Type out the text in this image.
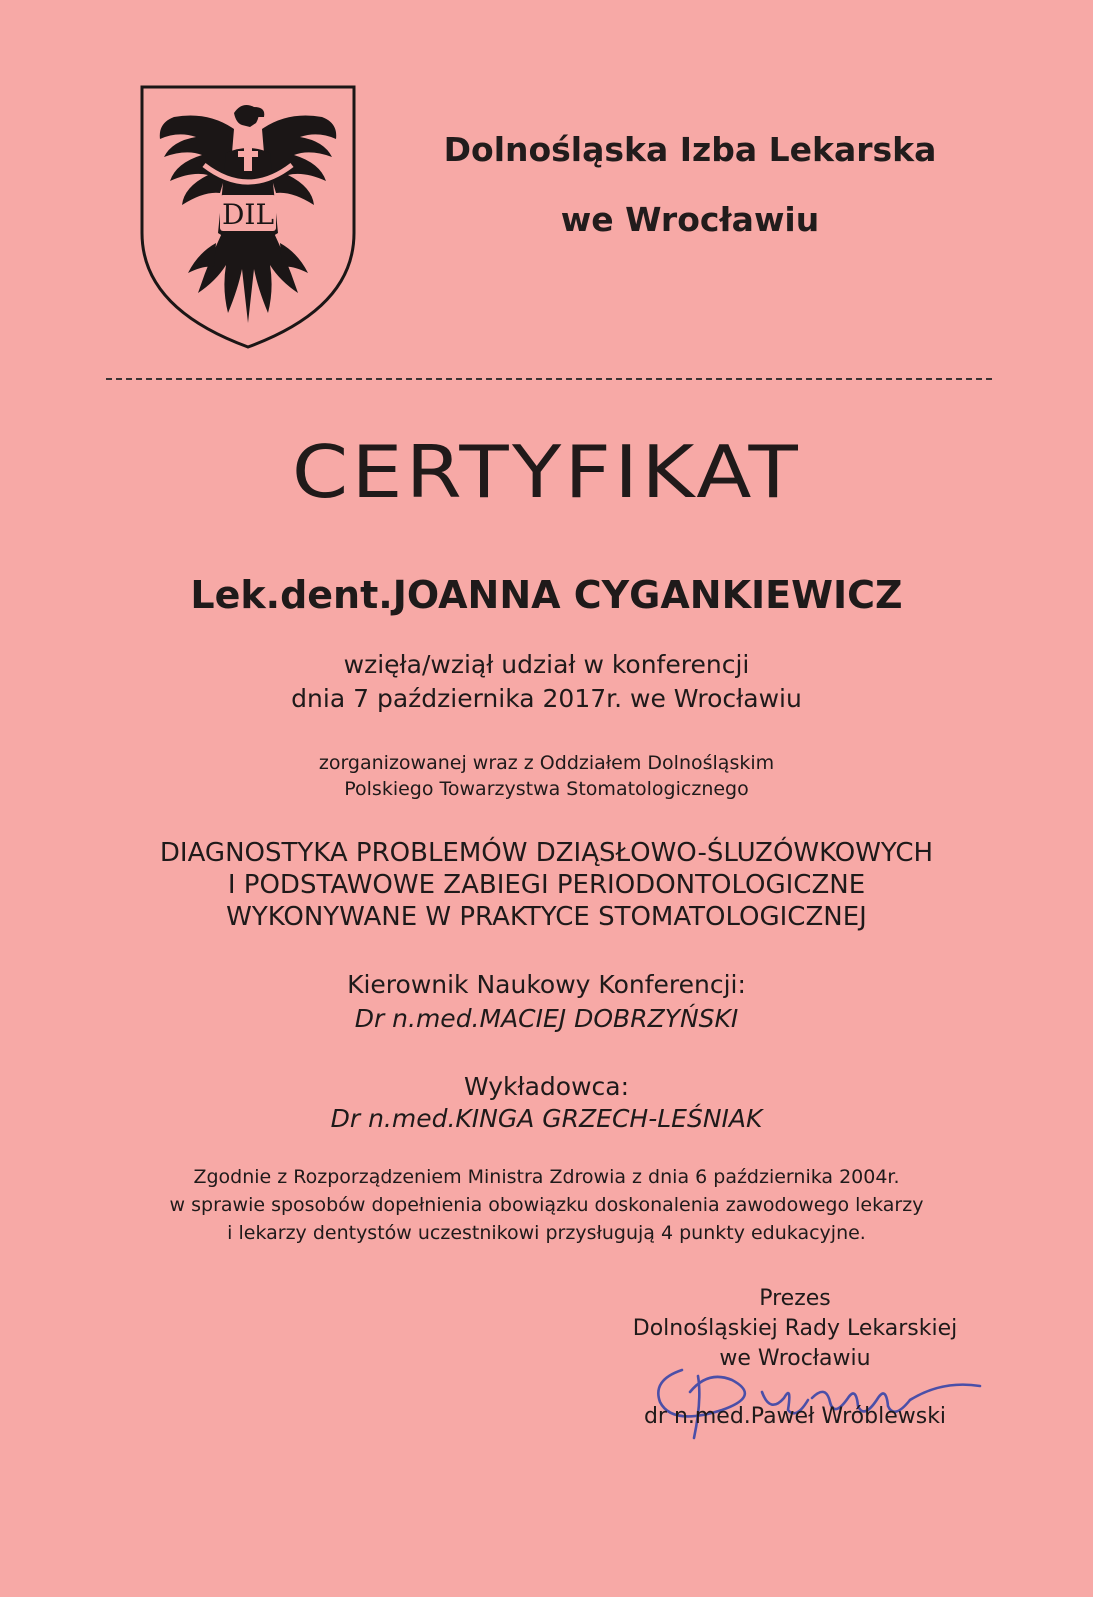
DIL
Dolnośląska Izba Lekarska
we Wrocławiu
CERTYFIKAT
Lek.dent.JOANNA CYGANKIEWICZ
wzięła/wziął udział w konferencji
dnia 7 października 2017r. we Wrocławiu
zorganizowanej wraz z Oddziałem Dolnośląskim
Polskiego Towarzystwa Stomatologicznego
DIAGNOSTYKA PROBLEMÓW DZIĄSŁOWO-ŚLUZÓWKOWYCH
I PODSTAWOWE ZABIEGI PERIODONTOLOGICZNE
WYKONYWANE W PRAKTYCE STOMATOLOGICZNEJ
Kierownik Naukowy Konferencji:
Dr n.med.MACIEJ DOBRZYŃSKI
Wykładowca:
Dr n.med.KINGA GRZECH-LEŚNIAK
Zgodnie z Rozporządzeniem Ministra Zdrowia z dnia 6 października 2004r.
w sprawie sposobów dopełnienia obowiązku doskonalenia zawodowego lekarzy
i lekarzy dentystów uczestnikowi przysługują 4 punkty edukacyjne.
Prezes
Dolnośląskiej Rady Lekarskiej
we Wrocławiu
dr n.med.Paweł Wróblewski
